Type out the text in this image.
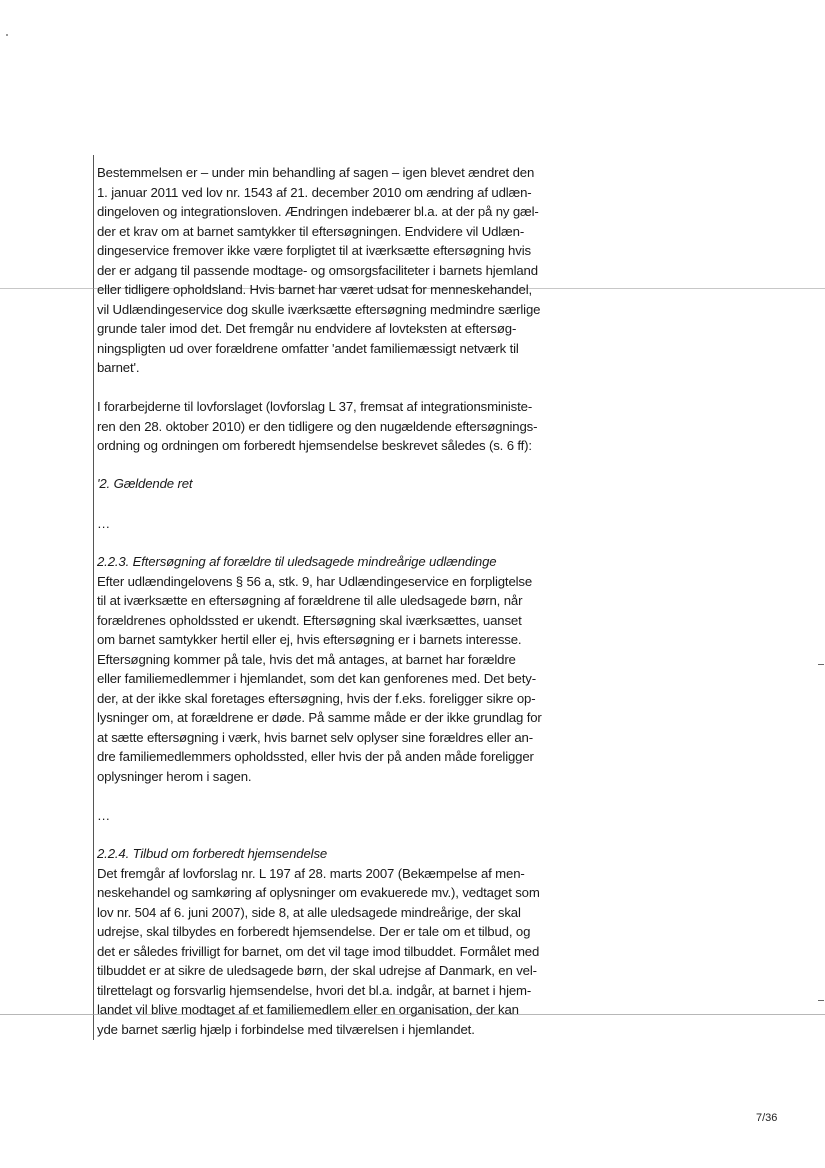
Bestemmelsen er – under min behandling af sagen – igen blevet ændret den
1. januar 2011 ved lov nr. 1543 af 21. december 2010 om ændring af udlæn-
dingeloven og integrationsloven. Ændringen indebærer bl.a. at der på ny gæl-
der et krav om at barnet samtykker til eftersøgningen. Endvidere vil Udlæn-
dingeservice fremover ikke være forpligtet til at iværksætte eftersøgning hvis
der er adgang til passende modtage- og omsorgsfaciliteter i barnets hjemland
eller tidligere opholdsland. Hvis barnet har været udsat for menneskehandel,
vil Udlændingeservice dog skulle iværksætte eftersøgning medmindre særlige
grunde taler imod det. Det fremgår nu endvidere af lovteksten at eftersøg-
ningspligten ud over forældrene omfatter 'andet familiemæssigt netværk til
barnet'.
I forarbejderne til lovforslaget (lovforslag L 37, fremsat af integrationsministe-
ren den 28. oktober 2010) er den tidligere og den nugældende eftersøgnings-
ordning og ordningen om forberedt hjemsendelse beskrevet således (s. 6 ff):
'2. Gældende ret
…
2.2.3. Eftersøgning af forældre til uledsagede mindreårige udlændinge
Efter udlændingelovens § 56 a, stk. 9, har Udlændingeservice en forpligtelse
til at iværksætte en eftersøgning af forældrene til alle uledsagede børn, når
forældrenes opholdssted er ukendt. Eftersøgning skal iværksættes, uanset
om barnet samtykker hertil eller ej, hvis eftersøgning er i barnets interesse.
Eftersøgning kommer på tale, hvis det må antages, at barnet har forældre
eller familiemedlemmer i hjemlandet, som det kan genforenes med. Det bety-
der, at der ikke skal foretages eftersøgning, hvis der f.eks. foreligger sikre op-
lysninger om, at forældrene er døde. På samme måde er der ikke grundlag for
at sætte eftersøgning i værk, hvis barnet selv oplyser sine forældres eller an-
dre familiemedlemmers opholdssted, eller hvis der på anden måde foreligger
oplysninger herom i sagen.
…
2.2.4. Tilbud om forberedt hjemsendelse
Det fremgår af lovforslag nr. L 197 af 28. marts 2007 (Bekæmpelse af men-
neskehandel og samkøring af oplysninger om evakuerede mv.), vedtaget som
lov nr. 504 af 6. juni 2007), side 8, at alle uledsagede mindreårige, der skal
udrejse, skal tilbydes en forberedt hjemsendelse. Der er tale om et tilbud, og
det er således frivilligt for barnet, om det vil tage imod tilbuddet. Formålet med
tilbuddet er at sikre de uledsagede børn, der skal udrejse af Danmark, en vel-
tilrettelagt og forsvarlig hjemsendelse, hvori det bl.a. indgår, at barnet i hjem-
landet vil blive modtaget af et familiemedlem eller en organisation, der kan
yde barnet særlig hjælp i forbindelse med tilværelsen i hjemlandet.
7/36
